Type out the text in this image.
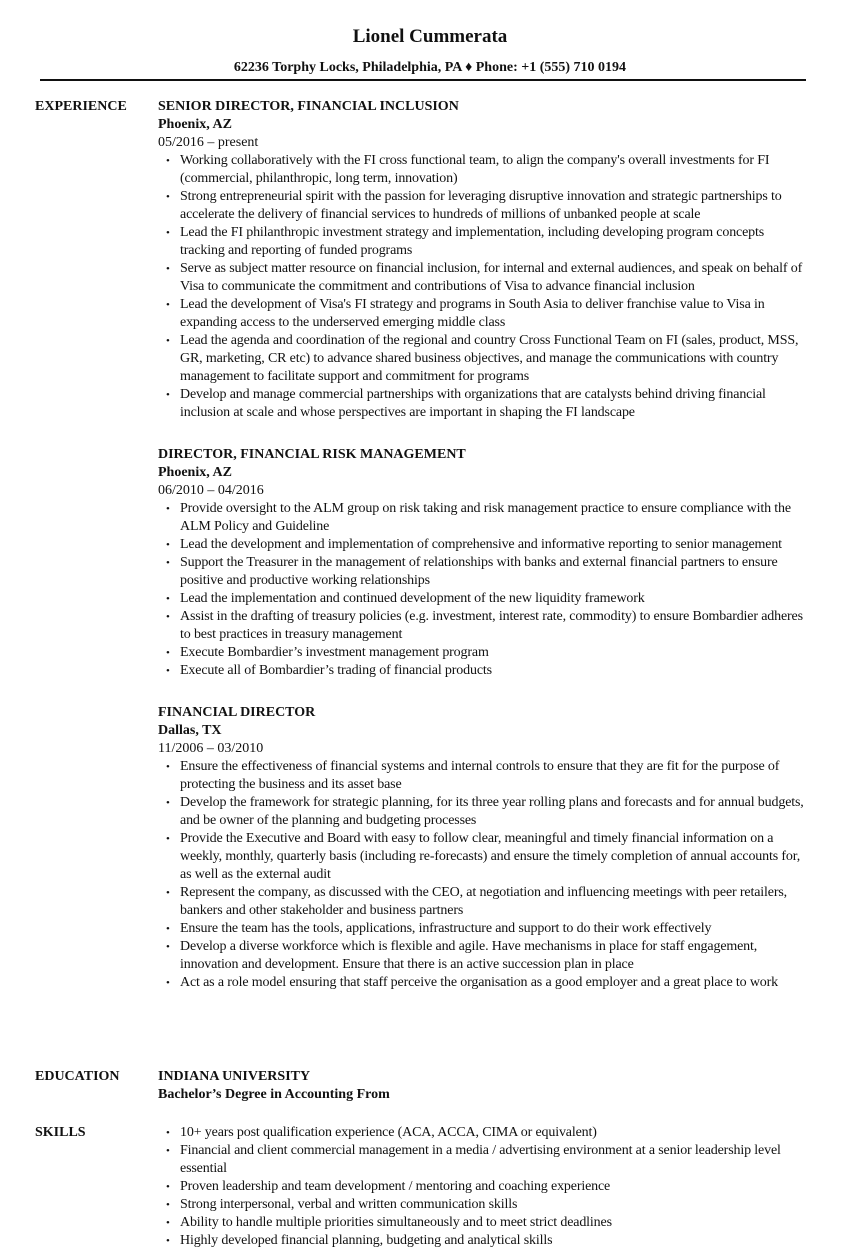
Lionel Cummerata
62236 Torphy Locks, Philadelphia, PA ♦ Phone: +1 (555) 710 0194
EXPERIENCE SENIOR DIRECTOR, FINANCIAL INCLUSION
Phoenix, AZ
05/2016 – present
• Working collaboratively with the FI cross functional team, to align the company's overall investments for FI (commercial, philanthropic, long term, innovation)
• Strong entrepreneurial spirit with the passion for leveraging disruptive innovation and strategic partnerships to accelerate the delivery of financial services to hundreds of millions of unbanked people at scale
• Lead the FI philanthropic investment strategy and implementation, including developing program concepts tracking and reporting of funded programs
• Serve as subject matter resource on financial inclusion, for internal and external audiences, and speak on behalf of Visa to communicate the commitment and contributions of Visa to advance financial inclusion
• Lead the development of Visa's FI strategy and programs in South Asia to deliver franchise value to Visa in expanding access to the underserved emerging middle class
• Lead the agenda and coordination of the regional and country Cross Functional Team on FI (sales, product, MSS, GR, marketing, CR etc) to advance shared business objectives, and manage the communications with country management to facilitate support and commitment for programs
• Develop and manage commercial partnerships with organizations that are catalysts behind driving financial inclusion at scale and whose perspectives are important in shaping the FI landscape
DIRECTOR, FINANCIAL RISK MANAGEMENT
Phoenix, AZ
06/2010 – 04/2016
• Provide oversight to the ALM group on risk taking and risk management practice to ensure compliance with the ALM Policy and Guideline
• Lead the development and implementation of comprehensive and informative reporting to senior management
• Support the Treasurer in the management of relationships with banks and external financial partners to ensure positive and productive working relationships
• Lead the implementation and continued development of the new liquidity framework
• Assist in the drafting of treasury policies (e.g. investment, interest rate, commodity) to ensure Bombardier adheres to best practices in treasury management
• Execute Bombardier’s investment management program
• Execute all of Bombardier’s trading of financial products
FINANCIAL DIRECTOR
Dallas, TX
11/2006 – 03/2010
• Ensure the effectiveness of financial systems and internal controls to ensure that they are fit for the purpose of protecting the business and its asset base
• Develop the framework for strategic planning, for its three year rolling plans and forecasts and for annual budgets, and be owner of the planning and budgeting processes
• Provide the Executive and Board with easy to follow clear, meaningful and timely financial information on a weekly, monthly, quarterly basis (including re-forecasts) and ensure the timely completion of annual accounts for, as well as the external audit
• Represent the company, as discussed with the CEO, at negotiation and influencing meetings with peer retailers, bankers and other stakeholder and business partners
• Ensure the team has the tools, applications, infrastructure and support to do their work effectively
• Develop a diverse workforce which is flexible and agile. Have mechanisms in place for staff engagement, innovation and development. Ensure that there is an active succession plan in place
• Act as a role model ensuring that staff perceive the organisation as a good employer and a great place to work
EDUCATION	INDIANA UNIVERSITY
Bachelor’s Degree in Accounting From
SKILLS	• 10+ years post qualification experience (ACA, ACCA, CIMA or equivalent)
• Financial and client commercial management in a media / advertising environment at a senior leadership level essential
• Proven leadership and team development / mentoring and coaching experience
• Strong interpersonal, verbal and written communication skills
• Ability to handle multiple priorities simultaneously and to meet strict deadlines
• Highly developed financial planning, budgeting and analytical skills
